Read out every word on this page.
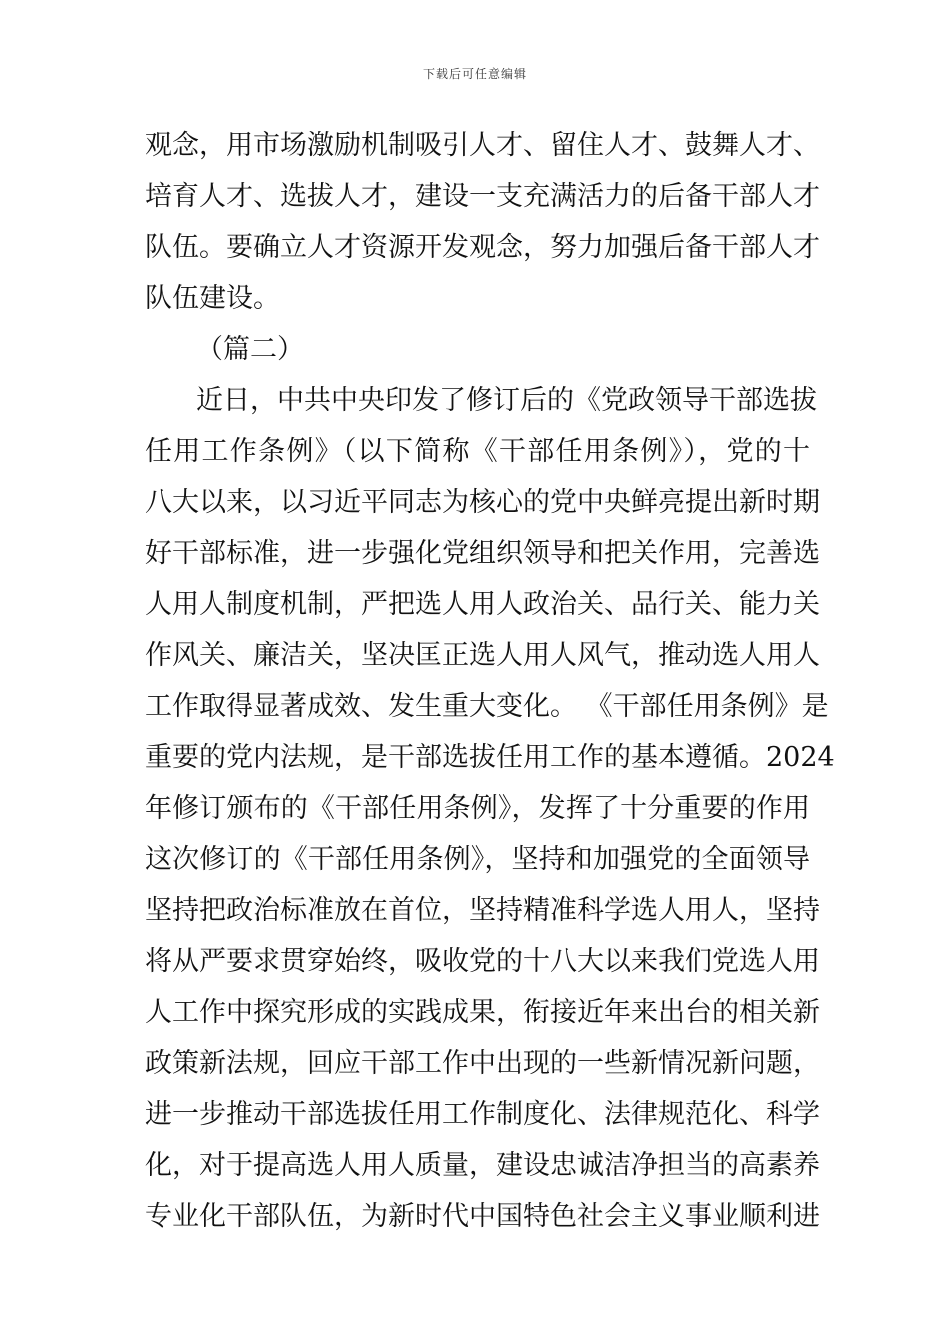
下载后可任意编辑
观念，用市场激励机制吸引人才、留住人才、鼓舞人才、
培育人才、选拔人才，建设一支充满活力的后备干部人才
队伍。要确立人才资源开发观念，努力加强后备干部人才
队伍建设。
（篇二）
近日，中共中央印发了修订后的《党政领导干部选拔
任用工作条例》（以下简称《干部任用条例》），党的十
八大以来，以习近平同志为核心的党中央鲜亮提出新时期
好干部标准，进一步强化党组织领导和把关作用，完善选
人用人制度机制，严把选人用人政治关、品行关、能力关
作风关、廉洁关，坚决匡正选人用人风气，推动选人用人
工作取得显著成效、发生重大变化。 《干部任用条例》是
重要的党内法规，是干部选拔任用工作的基本遵循。2024
年修订颁布的《干部任用条例》，发挥了十分重要的作用
这次修订的《干部任用条例》，坚持和加强党的全面领导
坚持把政治标准放在首位，坚持精准科学选人用人，坚持
将从严要求贯穿始终，吸收党的十八大以来我们党选人用
人工作中探究形成的实践成果，衔接近年来出台的相关新
政策新法规，回应干部工作中出现的一些新情况新问题，
进一步推动干部选拔任用工作制度化、法律规范化、科学
化，对于提高选人用人质量，建设忠诚洁净担当的高素养
专业化干部队伍，为新时代中国特色社会主义事业顺利进
